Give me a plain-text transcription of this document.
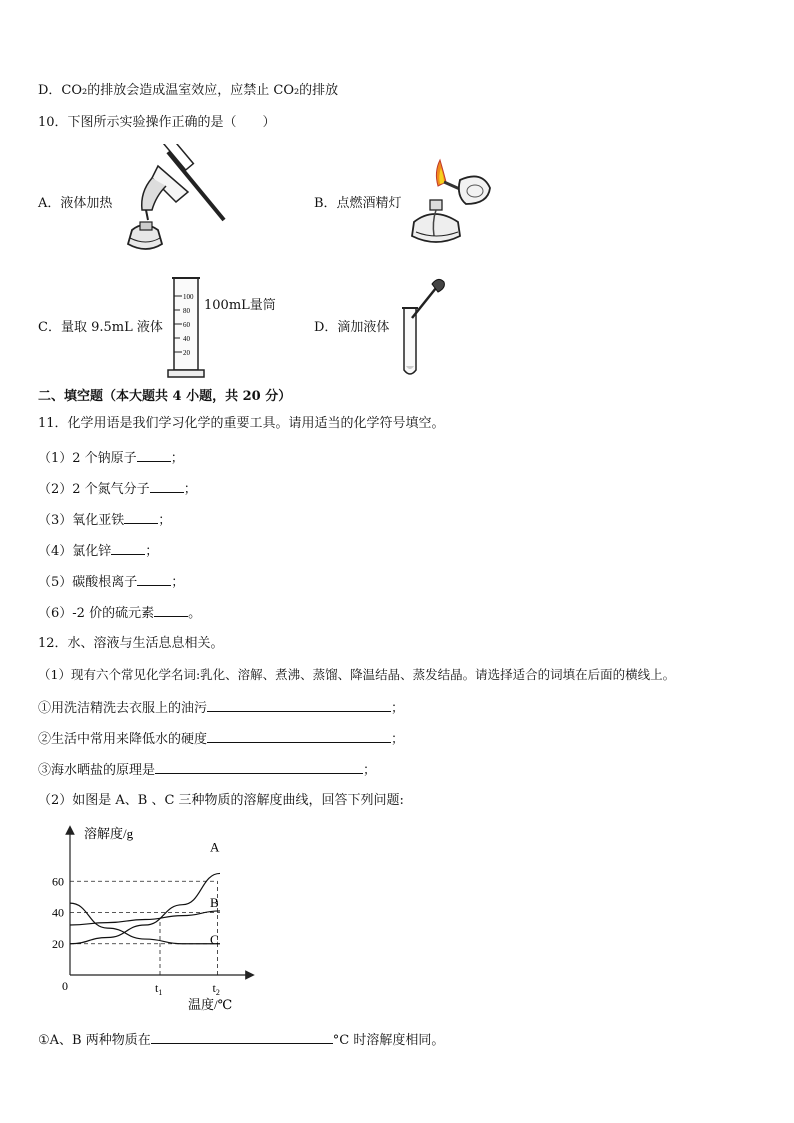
D．CO₂的排放会造成温室效应，应禁止 CO₂的排放
10．下图所示实验操作正确的是（　　）
A．液体加热	B．点燃酒精灯
C．量取 9.5mL 液体	D．滴加液体
100mL量筒
100
80
60
40
20
二、填空题（本大题共 4 小题，共 20 分）
11．化学用语是我们学习化学的重要工具。请用适当的化学符号填空。
（1）2 个钠原子	；
（2）2 个氮气分子	；
（3）氧化亚铁	；
（4）氯化锌	；
（5）碳酸根离子	；
（6）-2 价的硫元素	。
12．水、溶液与生活息息相关。
（1）现有六个常见化学名词:乳化、溶解、煮沸、蒸馏、降温结晶、蒸发结晶。请选择适合的词填在后面的横线上。
①用洗洁精洗去衣服上的油污	；
②生活中常用来降低水的硬度	；
③海水晒盐的原理是	；
（2）如图是 A、B 、C 三种物质的溶解度曲线，回答下列问题:
20
40
60
$t_1$	$t_2$
A
B
C
溶解度/g
温度/℃
0
①A、B 两种物质在	°C 时溶解度相同。
